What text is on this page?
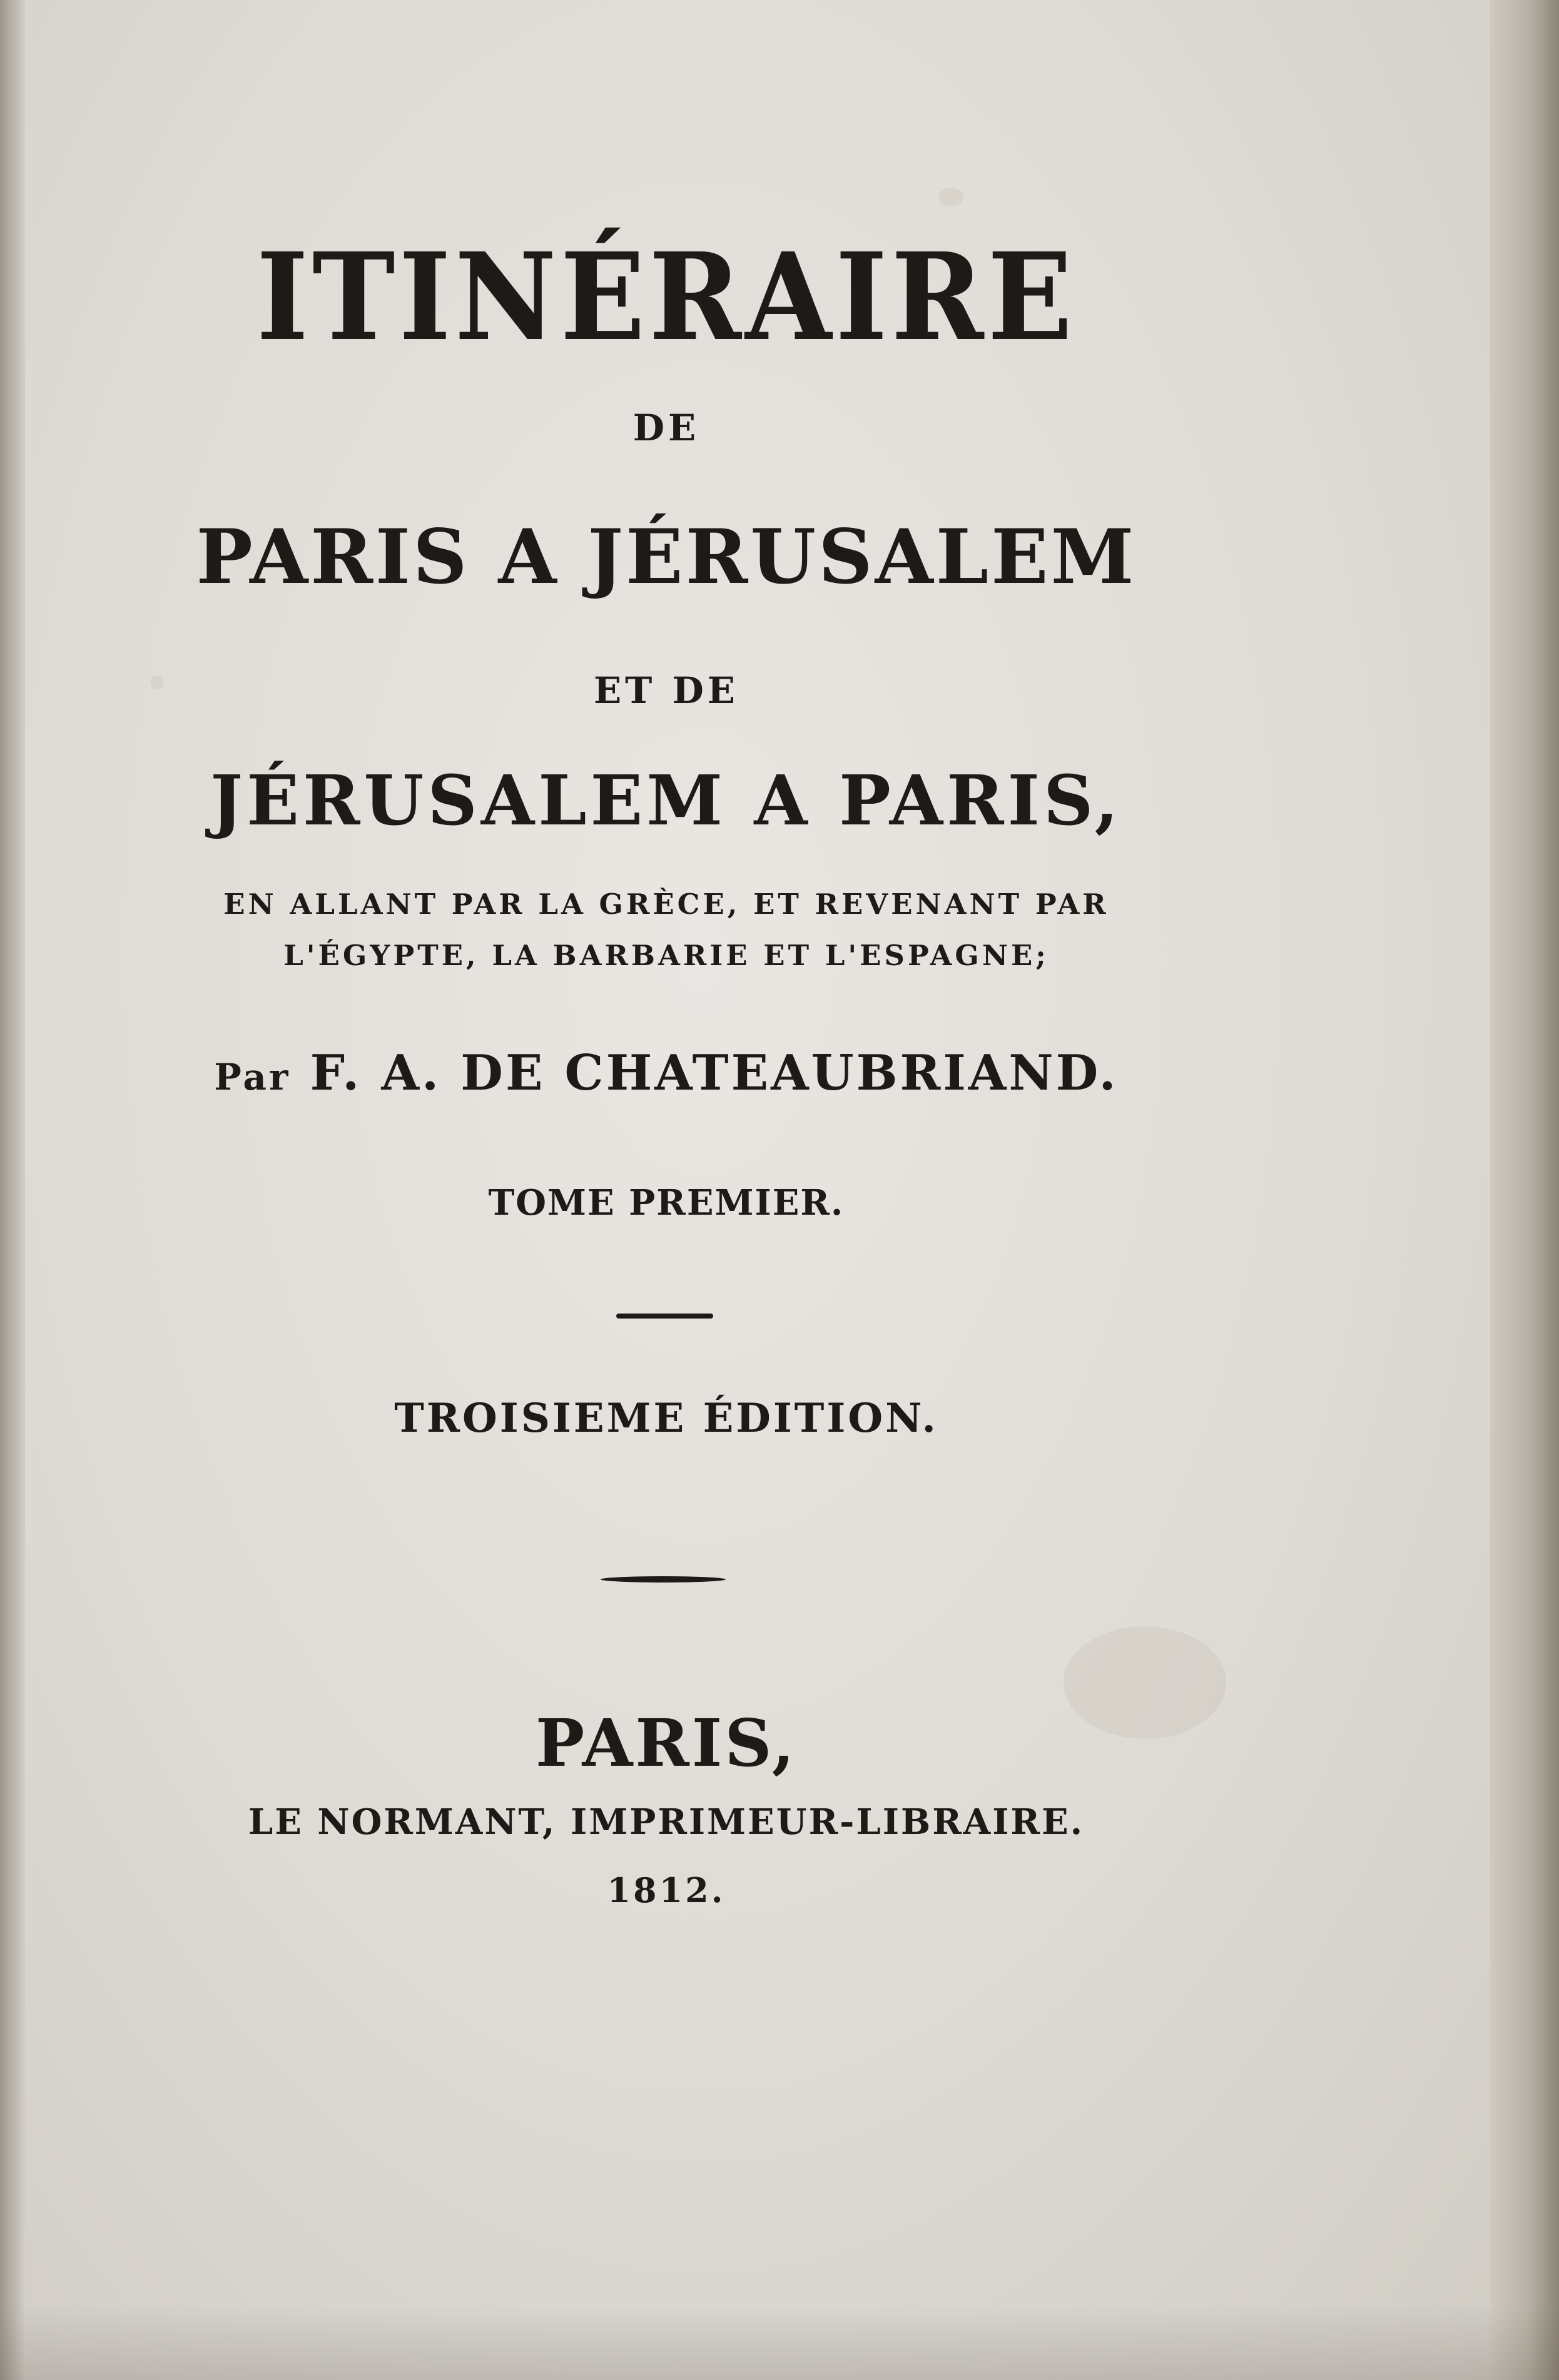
ITINÉRAIRE

DE

PARIS A JÉRUSALEM

ET DE

JÉRUSALEM A PARIS,

EN ALLANT PAR LA GRÈCE, ET REVENANT PAR
L'ÉGYPTE, LA BARBARIE ET L'ESPAGNE;

Par F. A. DE CHATEAUBRIAND.

TOME PREMIER.

TROISIEME ÉDITION.

PARIS,

LE NORMANT, IMPRIMEUR-LIBRAIRE.

1812.
